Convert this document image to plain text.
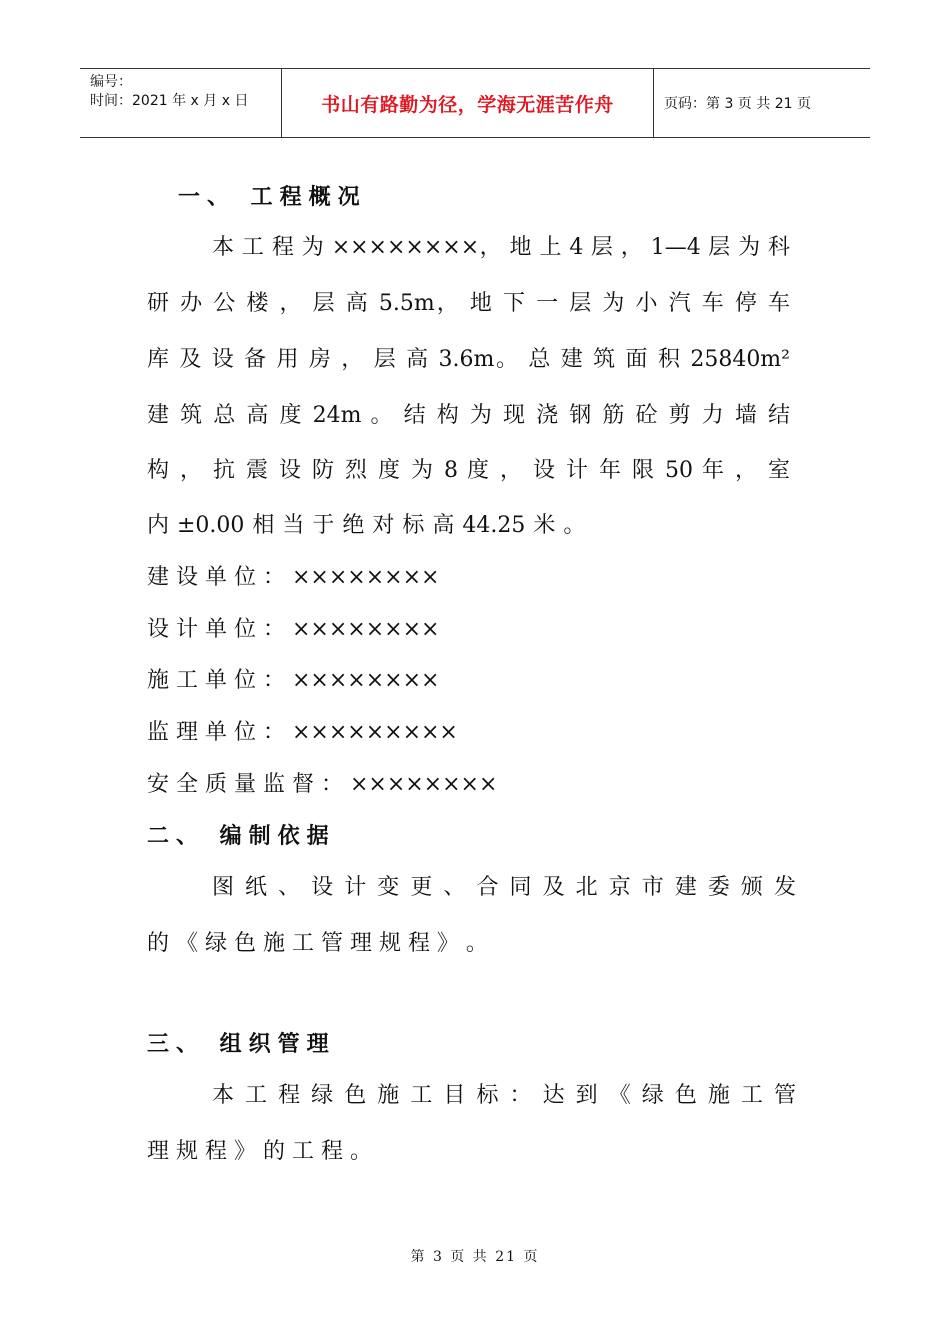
编号：
时间：2021 年 x 月 x 日	书山有路勤为径，学海无涯苦作舟	页码：第 3 页 共 21 页
一、 工程概况
本 工 程 为 ××××××××， 地 上 4 层 ， 1—4 层 为 科
研 办 公 楼 ， 层 高 5.5m， 地 下 一 层 为 小 汽 车 停 车
库 及 设 备 用 房 ， 层 高 3.6m。 总 建 筑 面 积 25840m²
建 筑 总 高 度 24m 。 结 构 为 现 浇 钢 筋 砼 剪 力 墙 结
构 ， 抗 震 设 防 烈 度 为 8 度 ， 设 计 年 限 50 年 ， 室
内 ±0.00 相 当 于 绝 对 标 高 44.25 米 。
建 设 单 位 ： ××××××××
设 计 单 位 ： ××××××××
施 工 单 位 ： ××××××××
监 理 单 位 ： ×××××××××
安 全 质 量 监 督 ： ××××××××
二、 编制依据
图 纸 、 设 计 变 更 、 合 同 及 北 京 市 建 委 颁 发
的 《 绿 色 施 工 管 理 规 程 》 。
三、 组织管理
本 工 程 绿 色 施 工 目 标 ： 达 到 《 绿 色 施 工 管
理 规 程 》 的 工 程 。
第 3 页 共 21 页
